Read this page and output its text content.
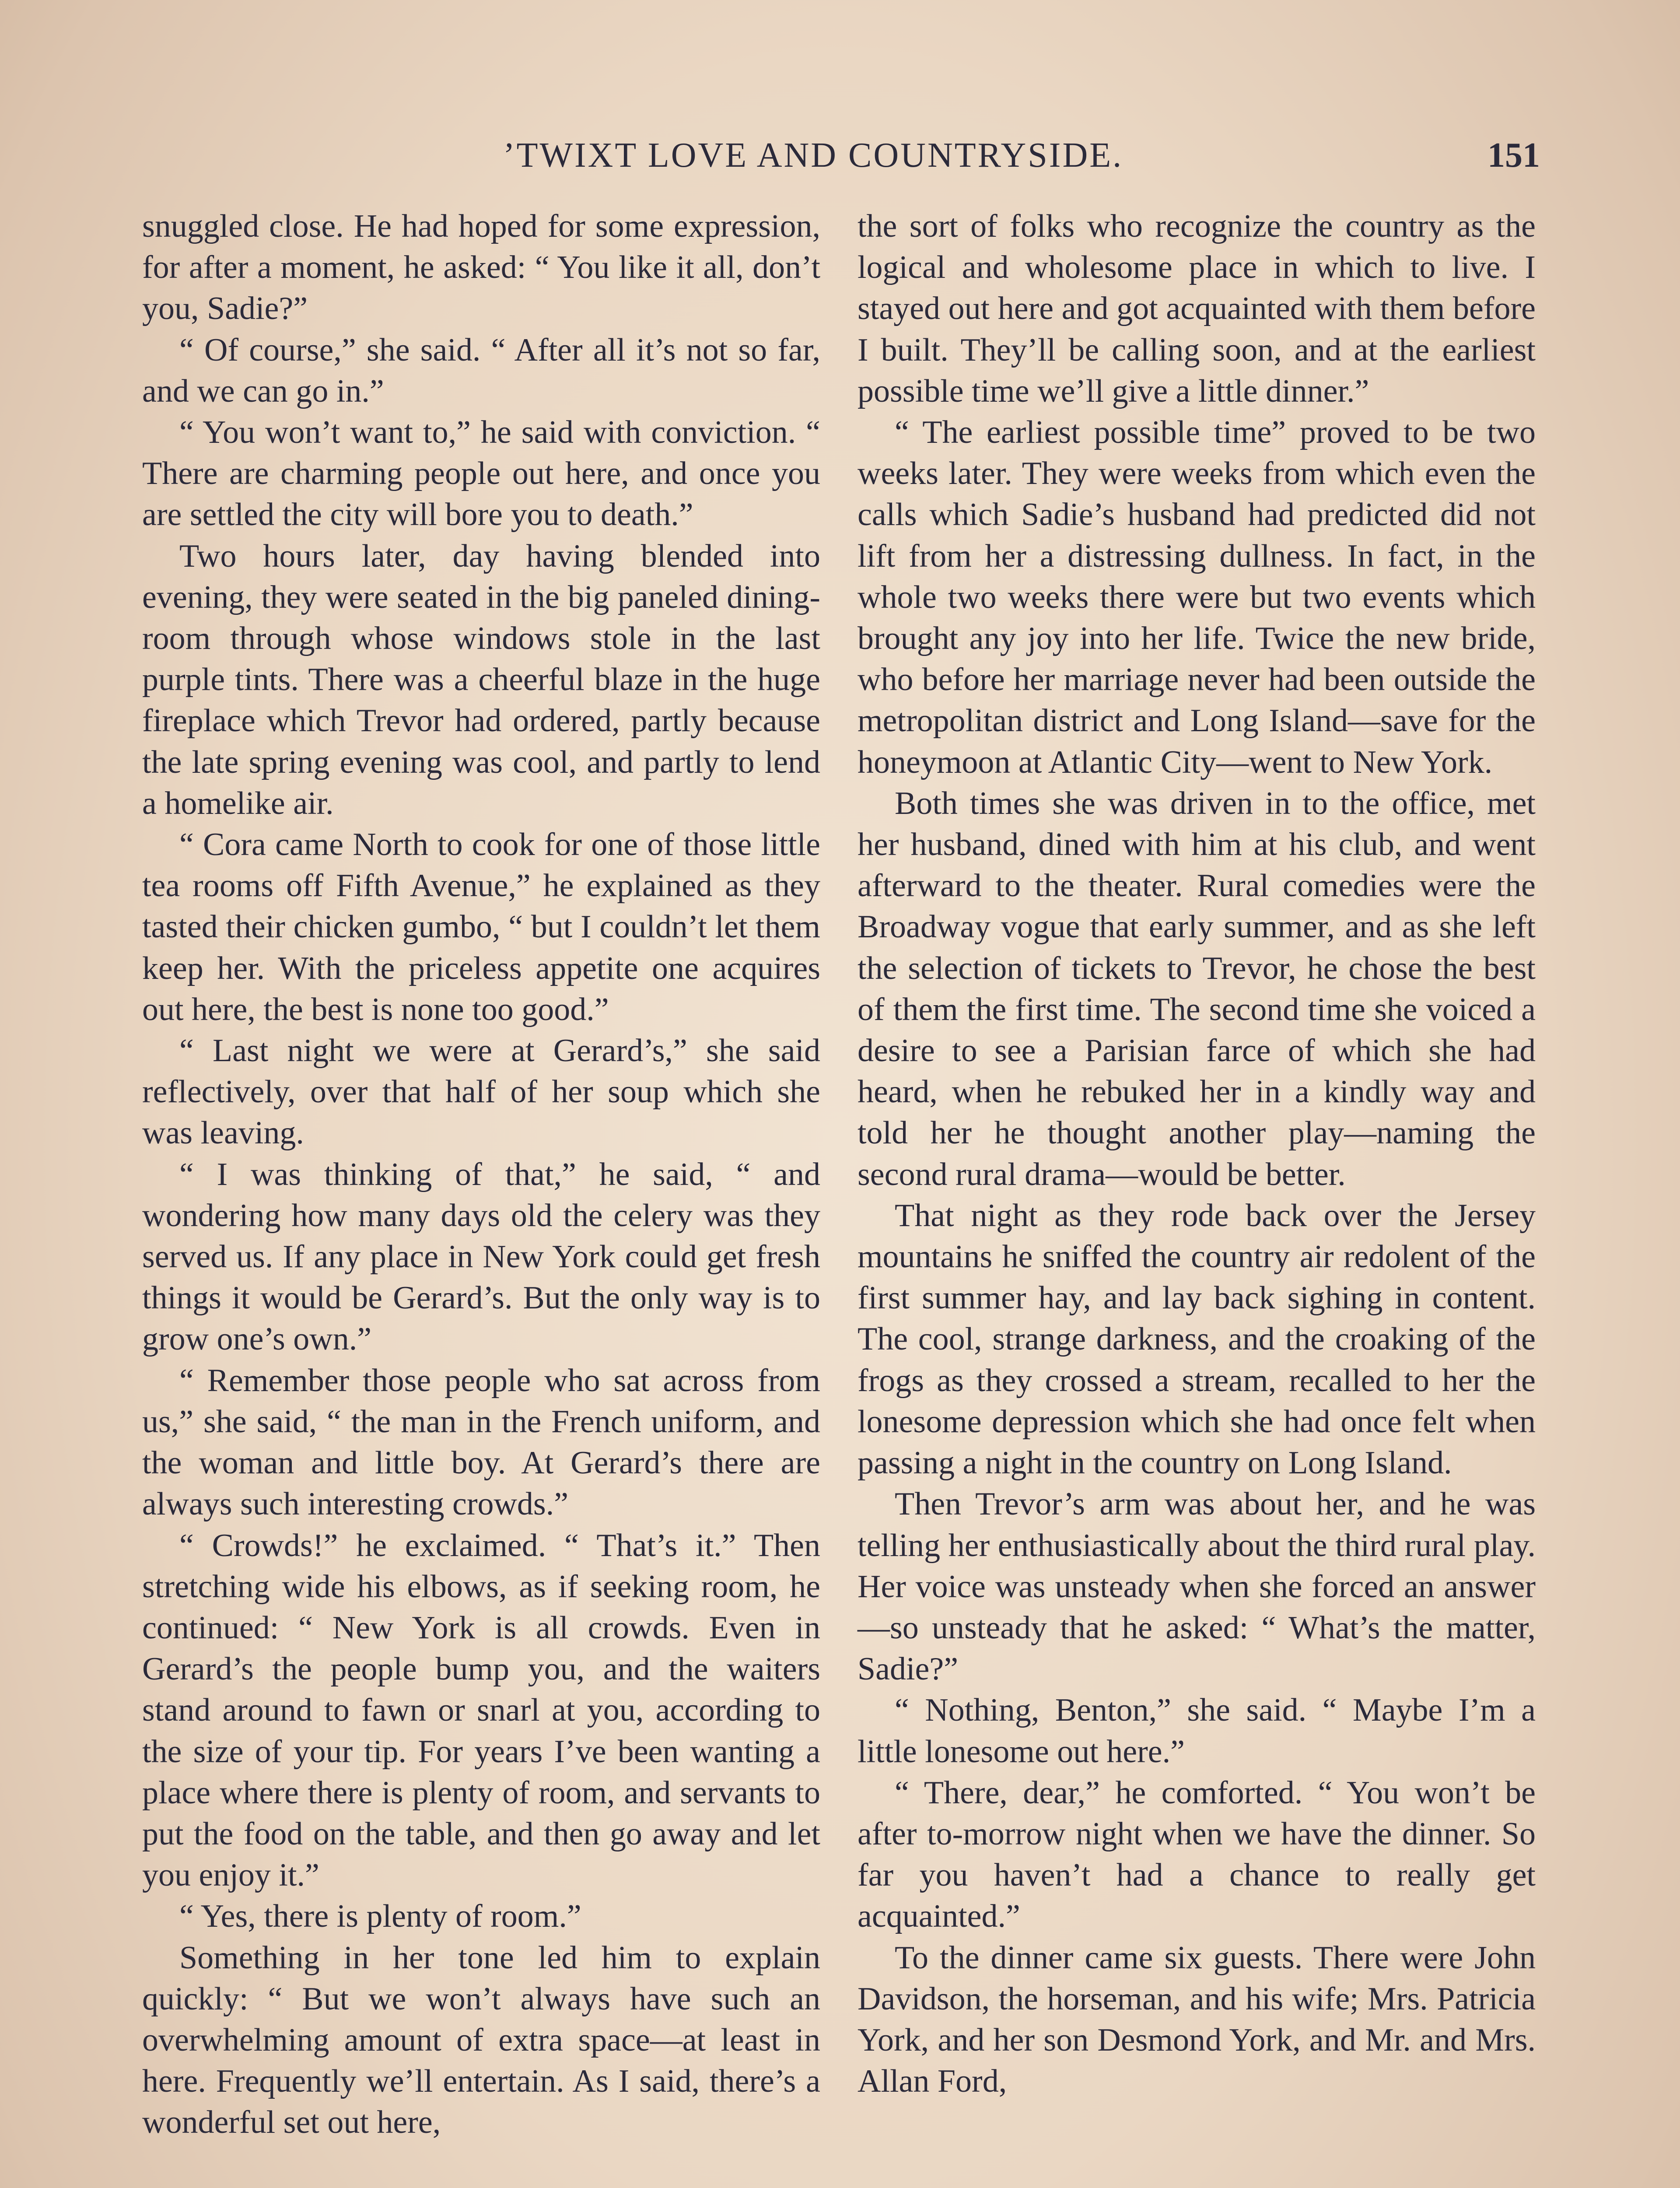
’TWIXT LOVE AND COUNTRYSIDE.	151

snuggled close. He had hoped for some expression, for after a moment, he asked: “ You like it all, don’t you, Sadie?”

“ Of course,” she said. “ After all it’s not so far, and we can go in.”

“ You won’t want to,” he said with conviction. “ There are charming people out here, and once you are settled the city will bore you to death.”

Two hours later, day having blended into evening, they were seated in the big paneled dining-room through whose windows stole in the last purple tints. There was a cheerful blaze in the huge fireplace which Trevor had ordered, partly because the late spring evening was cool, and partly to lend a homelike air.

“ Cora came North to cook for one of those little tea rooms off Fifth Avenue,” he explained as they tasted their chicken gumbo, “ but I couldn’t let them keep her. With the priceless appetite one acquires out here, the best is none too good.”

“ Last night we were at Gerard’s,” she said reflectively, over that half of her soup which she was leaving.

“ I was thinking of that,” he said, “ and wondering how many days old the celery was they served us. If any place in New York could get fresh things it would be Gerard’s. But the only way is to grow one’s own.”

“ Remember those people who sat across from us,” she said, “ the man in the French uniform, and the woman and little boy. At Gerard’s there are always such interesting crowds.”

“ Crowds!” he exclaimed. “ That’s it.” Then stretching wide his elbows, as if seeking room, he continued: “ New York is all crowds. Even in Gerard’s the people bump you, and the waiters stand around to fawn or snarl at you, according to the size of your tip. For years I’ve been wanting a place where there is plenty of room, and servants to put the food on the table, and then go away and let you enjoy it.”

“ Yes, there is plenty of room.”

Something in her tone led him to explain quickly: “ But we won’t always have such an overwhelming amount of extra space—at least in here. Frequently we’ll entertain. As I said, there’s a wonderful set out here,

the sort of folks who recognize the country as the logical and wholesome place in which to live. I stayed out here and got acquainted with them before I built. They’ll be calling soon, and at the earliest possible time we’ll give a little dinner.”

“ The earliest possible time” proved to be two weeks later. They were weeks from which even the calls which Sadie’s husband had predicted did not lift from her a distressing dullness. In fact, in the whole two weeks there were but two events which brought any joy into her life. Twice the new bride, who before her marriage never had been outside the metropolitan district and Long Island—save for the honeymoon at Atlantic City—went to New York.

Both times she was driven in to the office, met her husband, dined with him at his club, and went afterward to the theater. Rural comedies were the Broadway vogue that early summer, and as she left the selection of tickets to Trevor, he chose the best of them the first time. The second time she voiced a desire to see a Parisian farce of which she had heard, when he rebuked her in a kindly way and told her he thought another play—naming the second rural drama—would be better.

That night as they rode back over the Jersey mountains he sniffed the country air redolent of the first summer hay, and lay back sighing in content. The cool, strange darkness, and the croaking of the frogs as they crossed a stream, recalled to her the lonesome depression which she had once felt when passing a night in the country on Long Island.

Then Trevor’s arm was about her, and he was telling her enthusiastically about the third rural play. Her voice was unsteady when she forced an answer—so unsteady that he asked: “ What’s the matter, Sadie?”

“ Nothing, Benton,” she said. “ Maybe I’m a little lonesome out here.”

“ There, dear,” he comforted. “ You won’t be after to-morrow night when we have the dinner. So far you haven’t had a chance to really get acquainted.”

To the dinner came six guests. There were John Davidson, the horseman, and his wife; Mrs. Patricia York, and her son Desmond York, and Mr. and Mrs. Allan Ford,
